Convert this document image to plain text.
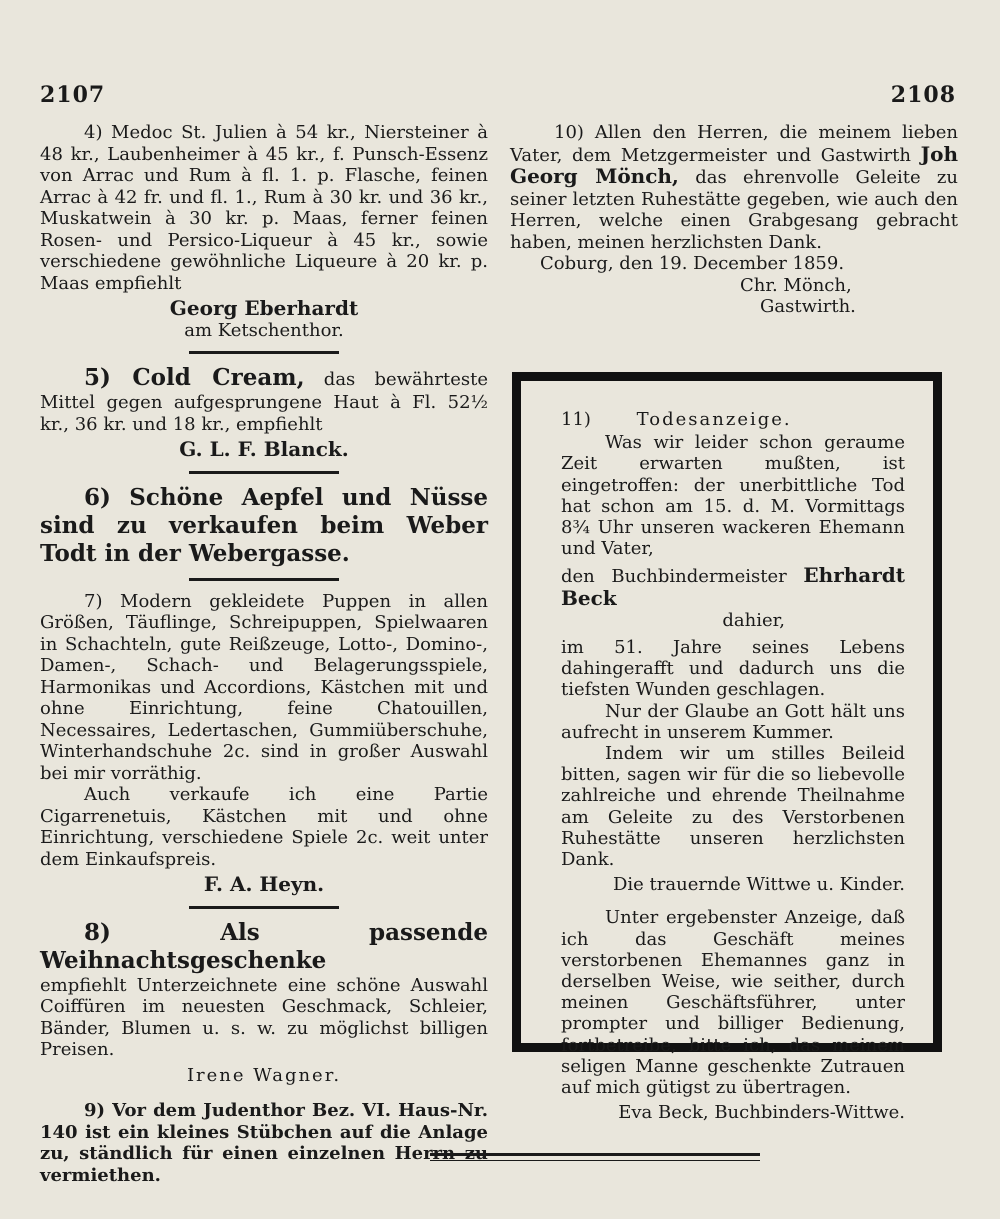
2107	2108

4) Medoc St. Julien à 54 kr., Niersteiner à 48 kr., Laubenheimer à 45 kr., f. Punsch-Essenz von Arrac und Rum à fl. 1. p. Flasche, feinen Arrac à 42 fr. und fl. 1., Rum à 30 kr. und 36 kr., Muskatwein à 30 kr. p. Maas, ferner feinen Rosen- und Persico-Liqueur à 45 kr., sowie verschiedene gewöhnliche Liqueure à 20 kr. p. Maas empfiehlt

Georg Eberhardt
am Ketschenthor.

5) Cold Cream, das bewährteste Mittel gegen aufgesprungene Haut à Fl. 52½ kr., 36 kr. und 18 kr., empfiehlt

G. L. F. Blanck.

6) Schöne Aepfel und Nüsse sind zu verkaufen beim Weber Todt in der Webergasse.

7) Modern gekleidete Puppen in allen Größen, Täuflinge, Schreipuppen, Spielwaaren in Schachteln, gute Reißzeuge, Lotto-, Domino-, Damen-, Schach- und Belagerungsspiele, Harmonikas und Accordions, Kästchen mit und ohne Einrichtung, feine Chatouillen, Necessaires, Ledertaschen, Gummiüberschuhe, Winterhandschuhe 2c. sind in großer Auswahl bei mir vorräthig.

Auch verkaufe ich eine Partie Cigarrenetuis, Kästchen mit und ohne Einrichtung, verschiedene Spiele 2c. weit unter dem Einkaufspreis.

F. A. Heyn.

8) Als passende Weihnachtsgeschenke

empfiehlt Unterzeichnete eine schöne Auswahl Coiffüren im neuesten Geschmack, Schleier, Bänder, Blumen u. s. w. zu möglichst billigen Preisen.

Irene Wagner.

9) Vor dem Judenthor Bez. VI. Haus-Nr. 140 ist ein kleines Stübchen auf die Anlage zu, ständlich für einen einzelnen Herrn zu vermiethen.

10) Allen den Herren, die meinem lieben Vater, dem Metzgermeister und Gastwirth Joh Georg Mönch, das ehrenvolle Geleite zu seiner letzten Ruhestätte gegeben, wie auch den Herren, welche einen Grabgesang gebracht haben, meinen herzlichsten Dank.

Coburg, den 19. December 1859.

Chr. Mönch,
Gastwirth.
11)	Todesanzeige.

Was wir leider schon geraume Zeit erwarten mußten, ist eingetroffen: der unerbittliche Tod hat schon am 15. d. M. Vormittags 8¾ Uhr unseren wackeren Ehemann und Vater,

den Buchbindermeister Ehrhardt Beck

dahier,

im 51. Jahre seines Lebens dahingerafft und dadurch uns die tiefsten Wunden geschlagen.

Nur der Glaube an Gott hält uns aufrecht in unserem Kummer.

Indem wir um stilles Beileid bitten, sagen wir für die so liebevolle zahlreiche und ehrende Theilnahme am Geleite zu des Verstorbenen Ruhestätte unseren herzlichsten Dank.

Die trauernde Wittwe u. Kinder.

Unter ergebenster Anzeige, daß ich das Geschäft meines verstorbenen Ehemannes ganz in derselben Weise, wie seither, durch meinen Geschäftsführer, unter prompter und billiger Bedienung, fortbetreibe, bitte ich, das meinem seligen Manne geschenkte Zutrauen auf mich gütigst zu übertragen.

Eva Beck, Buchbinders-Wittwe.
